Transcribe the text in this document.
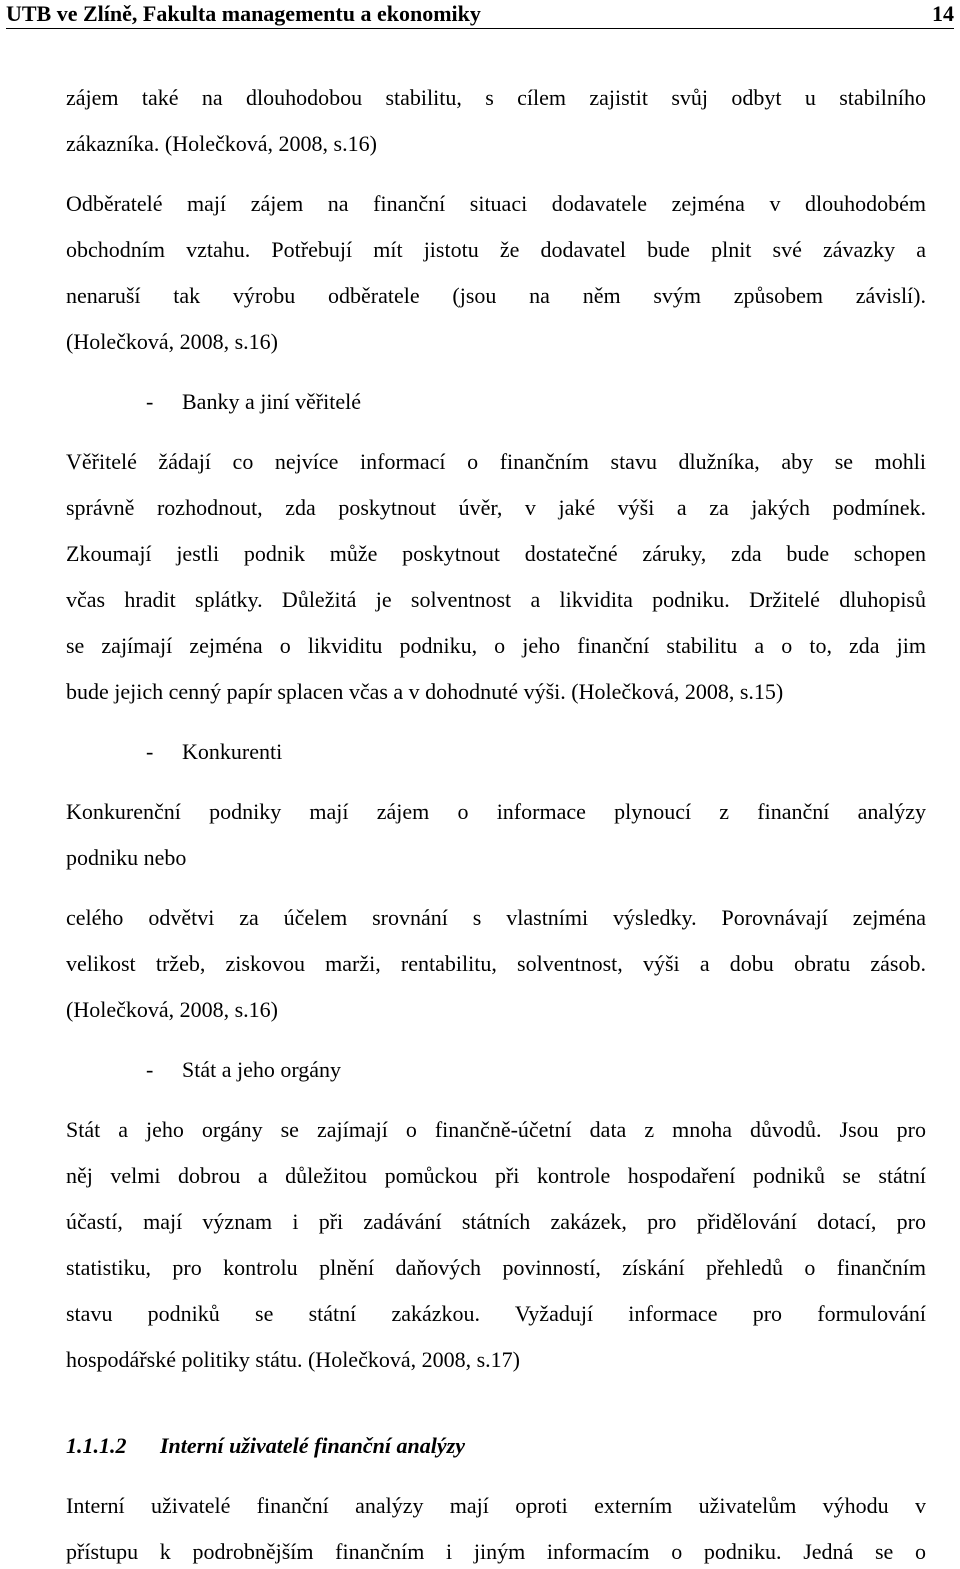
UTB ve Zlíně, Fakulta managementu a ekonomiky	14
zájem také na dlouhodobou stabilitu, s cílem zajistit svůj odbyt u stabilního
zákazníka. (Holečková, 2008, s.16)
Odběratelé mají zájem na finanční situaci dodavatele zejména v dlouhodobém
obchodním vztahu. Potřebují mít jistotu že dodavatel bude plnit své závazky a
nenaruší tak výrobu odběratele (jsou na něm svým způsobem závislí).
(Holečková, 2008, s.16)
- Banky a jiní věřitelé
Věřitelé žádají co nejvíce informací o finančním stavu dlužníka, aby se mohli
správně rozhodnout, zda poskytnout úvěr, v jaké výši a za jakých podmínek.
Zkoumají jestli podnik může poskytnout dostatečné záruky, zda bude schopen
včas hradit splátky. Důležitá je solventnost a likvidita podniku. Držitelé dluhopisů
se zajímají zejména o likviditu podniku, o jeho finanční stabilitu a o to, zda jim
bude jejich cenný papír splacen včas a v dohodnuté výši. (Holečková, 2008, s.15)
- Konkurenti
Konkurenční podniky mají zájem o informace plynoucí z finanční analýzy
podniku nebo
celého odvětvi za účelem srovnání s vlastními výsledky. Porovnávají zejména
velikost tržeb, ziskovou marži, rentabilitu, solventnost, výši a dobu obratu zásob.
(Holečková, 2008, s.16)
- Stát a jeho orgány
Stát a jeho orgány se zajímají o finančně-účetní data z mnoha důvodů. Jsou pro
něj velmi dobrou a důležitou pomůckou při kontrole hospodaření podniků se státní
účastí, mají význam i při zadávání státních zakázek, pro přidělování dotací, pro
statistiku, pro kontrolu plnění daňových povinností, získání přehledů o finančním
stavu podniků se státní zakázkou. Vyžadují informace pro formulování
hospodářské politiky státu. (Holečková, 2008, s.17)
1.1.1.2 Interní uživatelé finanční analýzy
Interní uživatelé finanční analýzy mají oproti externím uživatelům výhodu v
přístupu k podrobnějším finančním i jiným informacím o podniku. Jedná se o
